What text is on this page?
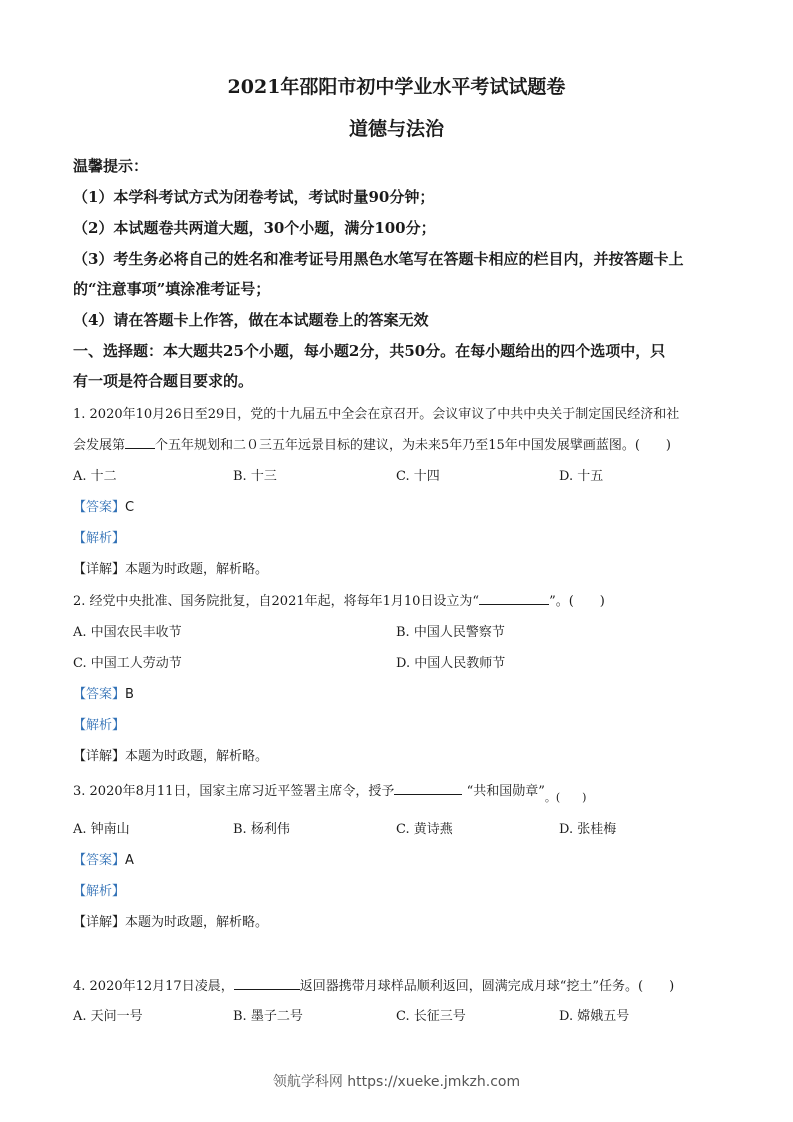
2021年邵阳市初中学业水平考试试题卷
道德与法治
温馨提示：
（1）本学科考试方式为闭卷考试，考试时量90分钟；
（2）本试题卷共两道大题，30个小题，满分100分；
（3）考生务必将自己的姓名和准考证号用黑色水笔写在答题卡相应的栏目内，并按答题卡上
的“注意事项”填涂准考证号；
（4）请在答题卡上作答，做在本试题卷上的答案无效
一、选择题：本大题共25个小题，每小题2分，共50分。在每小题给出的四个选项中，只
有一项是符合题目要求的。
1. 2020年10月26日至29日，党的十九届五中全会在京召开。会议审议了中共中央关于制定国民经济和社
会发展第 个五年规划和二０三五年远景目标的建议，为未来5年乃至15年中国发展擘画蓝图。(　　)
A. 十二	B. 十三	C. 十四	D. 十五
【答案】C
【解析】
【详解】本题为时政题，解析略。
2. 经党中央批准、国务院批复，自2021年起，将每年1月10日设立为“	”。(　　)
A. 中国农民丰收节	B. 中国人民警察节
C. 中国工人劳动节	D. 中国人民教师节
【答案】B
【解析】
【详解】本题为时政题，解析略。
3. 2020年8月11日，国家主席习近平签署主席令，授予	“共和国勋章$”_{。( )}$
A. 钟南山	B. 杨利伟	C. 黄诗燕	D. 张桂梅
【答案】A
【解析】
【详解】本题为时政题，解析略。
4. 2020年12月17日凌晨，	返回器携带月球样品顺利返回，圆满完成月球“挖土”任务。(　　)
A. 天问一号	B. 墨子二号	C. 长征三号	D. 嫦娥五号
领航学科网 https://xueke.jmkzh.com
